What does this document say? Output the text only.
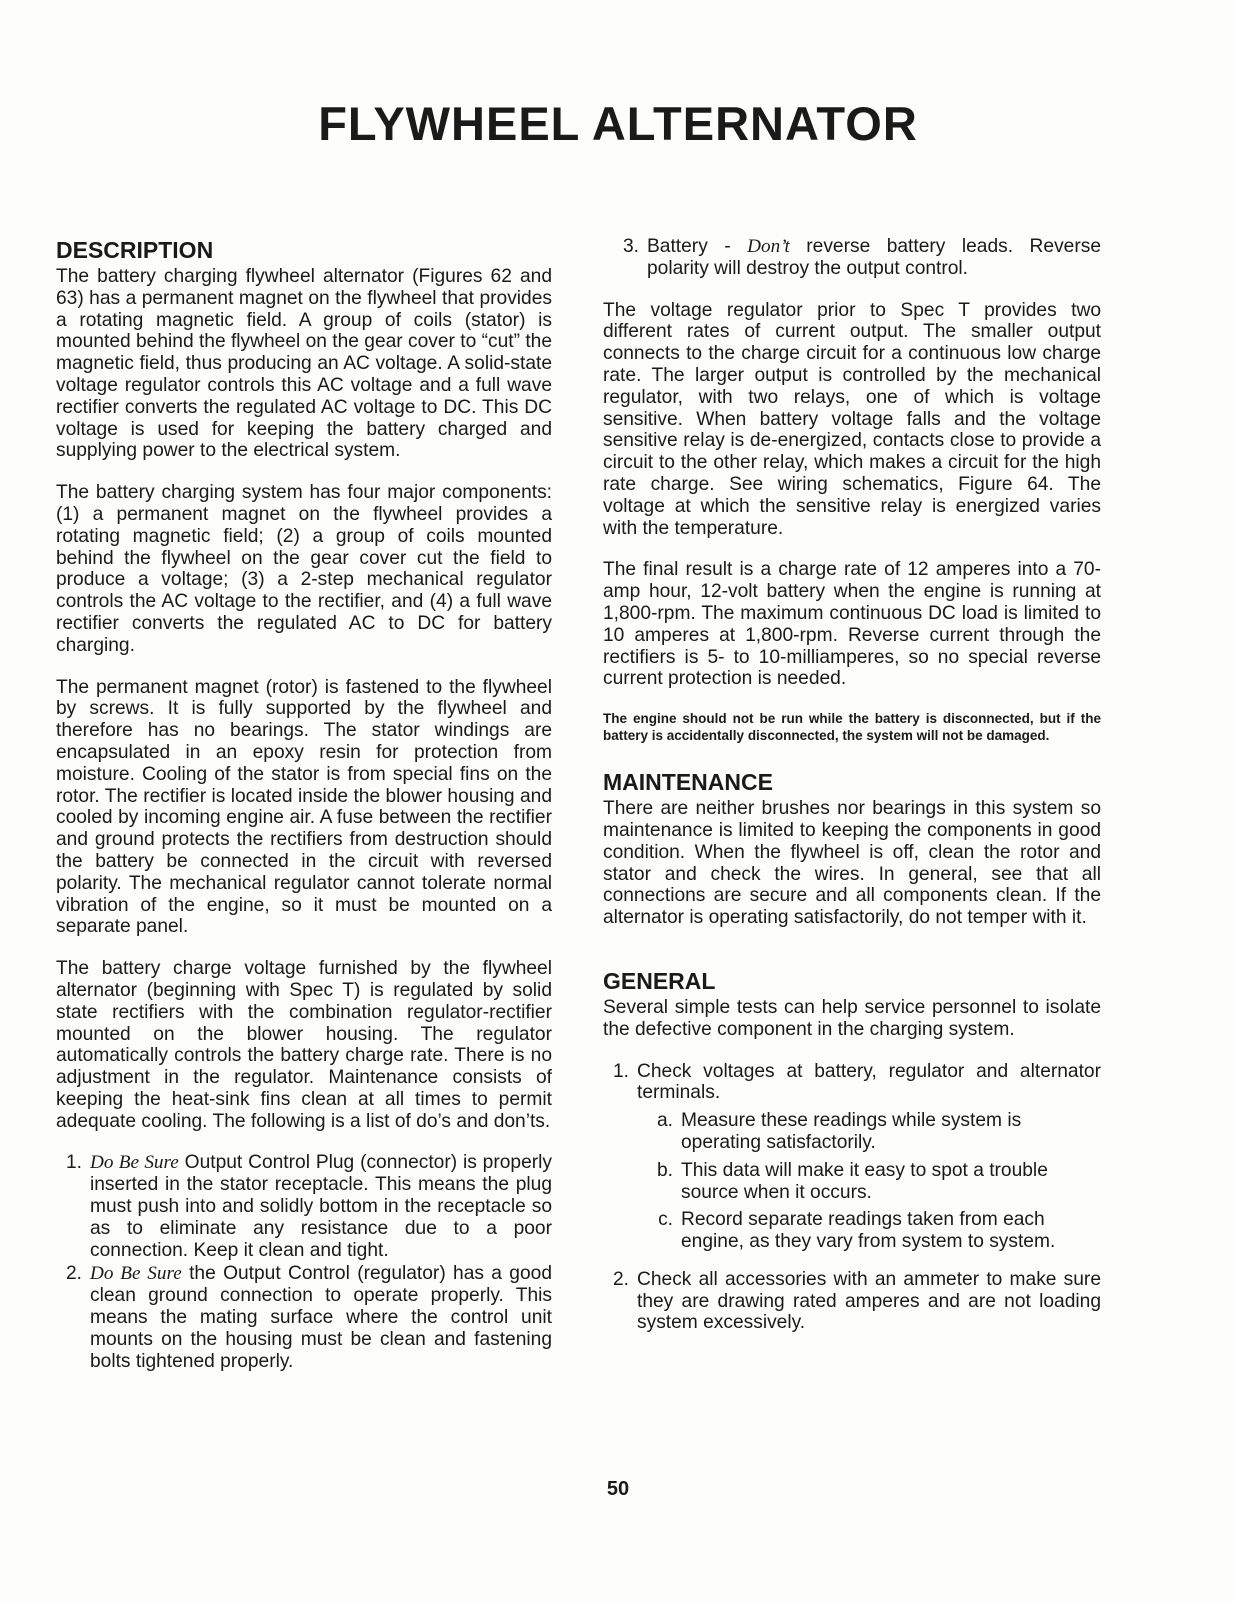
FLYWHEEL ALTERNATOR
DESCRIPTION

The battery charging flywheel alternator (Figures 62 and 63) has a permanent magnet on the flywheel that provides a rotating magnetic field. A group of coils (stator) is mounted behind the flywheel on the gear cover to “cut” the magnetic field, thus producing an AC voltage. A solid-state voltage regulator controls this AC voltage and a full wave rectifier converts the regulated AC voltage to DC. This DC voltage is used for keeping the battery charged and supplying power to the electrical system.

The battery charging system has four major components: (1) a permanent magnet on the flywheel provides a rotating magnetic field; (2) a group of coils mounted behind the flywheel on the gear cover cut the field to produce a voltage; (3) a 2-step mechanical regulator controls the AC voltage to the rectifier, and (4) a full wave rectifier converts the regulated AC to DC for battery charging.

The permanent magnet (rotor) is fastened to the flywheel by screws. It is fully supported by the flywheel and therefore has no bearings. The stator windings are encapsulated in an epoxy resin for protection from moisture. Cooling of the stator is from special fins on the rotor. The rectifier is located inside the blower housing and cooled by incoming engine air. A fuse between the rectifier and ground protects the rectifiers from destruction should the battery be connected in the circuit with reversed polarity. The mechanical regulator cannot tolerate normal vibration of the engine, so it must be mounted on a separate panel.

The battery charge voltage furnished by the flywheel alternator (beginning with Spec T) is regulated by solid state rectifiers with the combination regulator-rectifier mounted on the blower housing. The regulator automatically controls the battery charge rate. There is no adjustment in the regulator. Maintenance consists of keeping the heat-sink fins clean at all times to permit adequate cooling. The following is a list of do’s and don’ts.

1. Do Be Sure Output Control Plug (connector) is properly inserted in the stator receptacle. This means the plug must push into and solidly bottom in the receptacle so as to eliminate any resistance due to a poor connection. Keep it clean and tight.
2. Do Be Sure the Output Control (regulator) has a good clean ground connection to operate properly. This means the mating surface where the control unit mounts on the housing must be clean and fastening bolts tightened properly.
3. Battery - Don’t reverse battery leads. Reverse polarity will destroy the output control.

The voltage regulator prior to Spec T provides two different rates of current output. The smaller output connects to the charge circuit for a continuous low charge rate. The larger output is controlled by the mechanical regulator, with two relays, one of which is voltage sensitive. When battery voltage falls and the voltage sensitive relay is de-energized, contacts close to provide a circuit to the other relay, which makes a circuit for the high rate charge. See wiring schematics, Figure 64. The voltage at which the sensitive relay is energized varies with the temperature.

The final result is a charge rate of 12 amperes into a 70-amp hour, 12-volt battery when the engine is running at 1,800-rpm. The maximum continuous DC load is limited to 10 amperes at 1,800-rpm. Reverse current through the rectifiers is 5- to 10-milliamperes, so no special reverse current protection is needed.

The engine should not be run while the battery is disconnected, but if the battery is accidentally disconnected, the system will not be damaged.

MAINTENANCE

There are neither brushes nor bearings in this system so maintenance is limited to keeping the components in good condition. When the flywheel is off, clean the rotor and stator and check the wires. In general, see that all connections are secure and all components clean. If the alternator is operating satisfactorily, do not temper with it.

GENERAL

Several simple tests can help service personnel to isolate the defective component in the charging system.

1. Check voltages at battery, regulator and alternator terminals.
a. Measure these readings while system is operating satisfactorily.
b. This data will make it easy to spot a trouble source when it occurs.
c. Record separate readings taken from each engine, as they vary from system to system.
2. Check all accessories with an ammeter to make sure they are drawing rated amperes and are not loading system excessively.
50
